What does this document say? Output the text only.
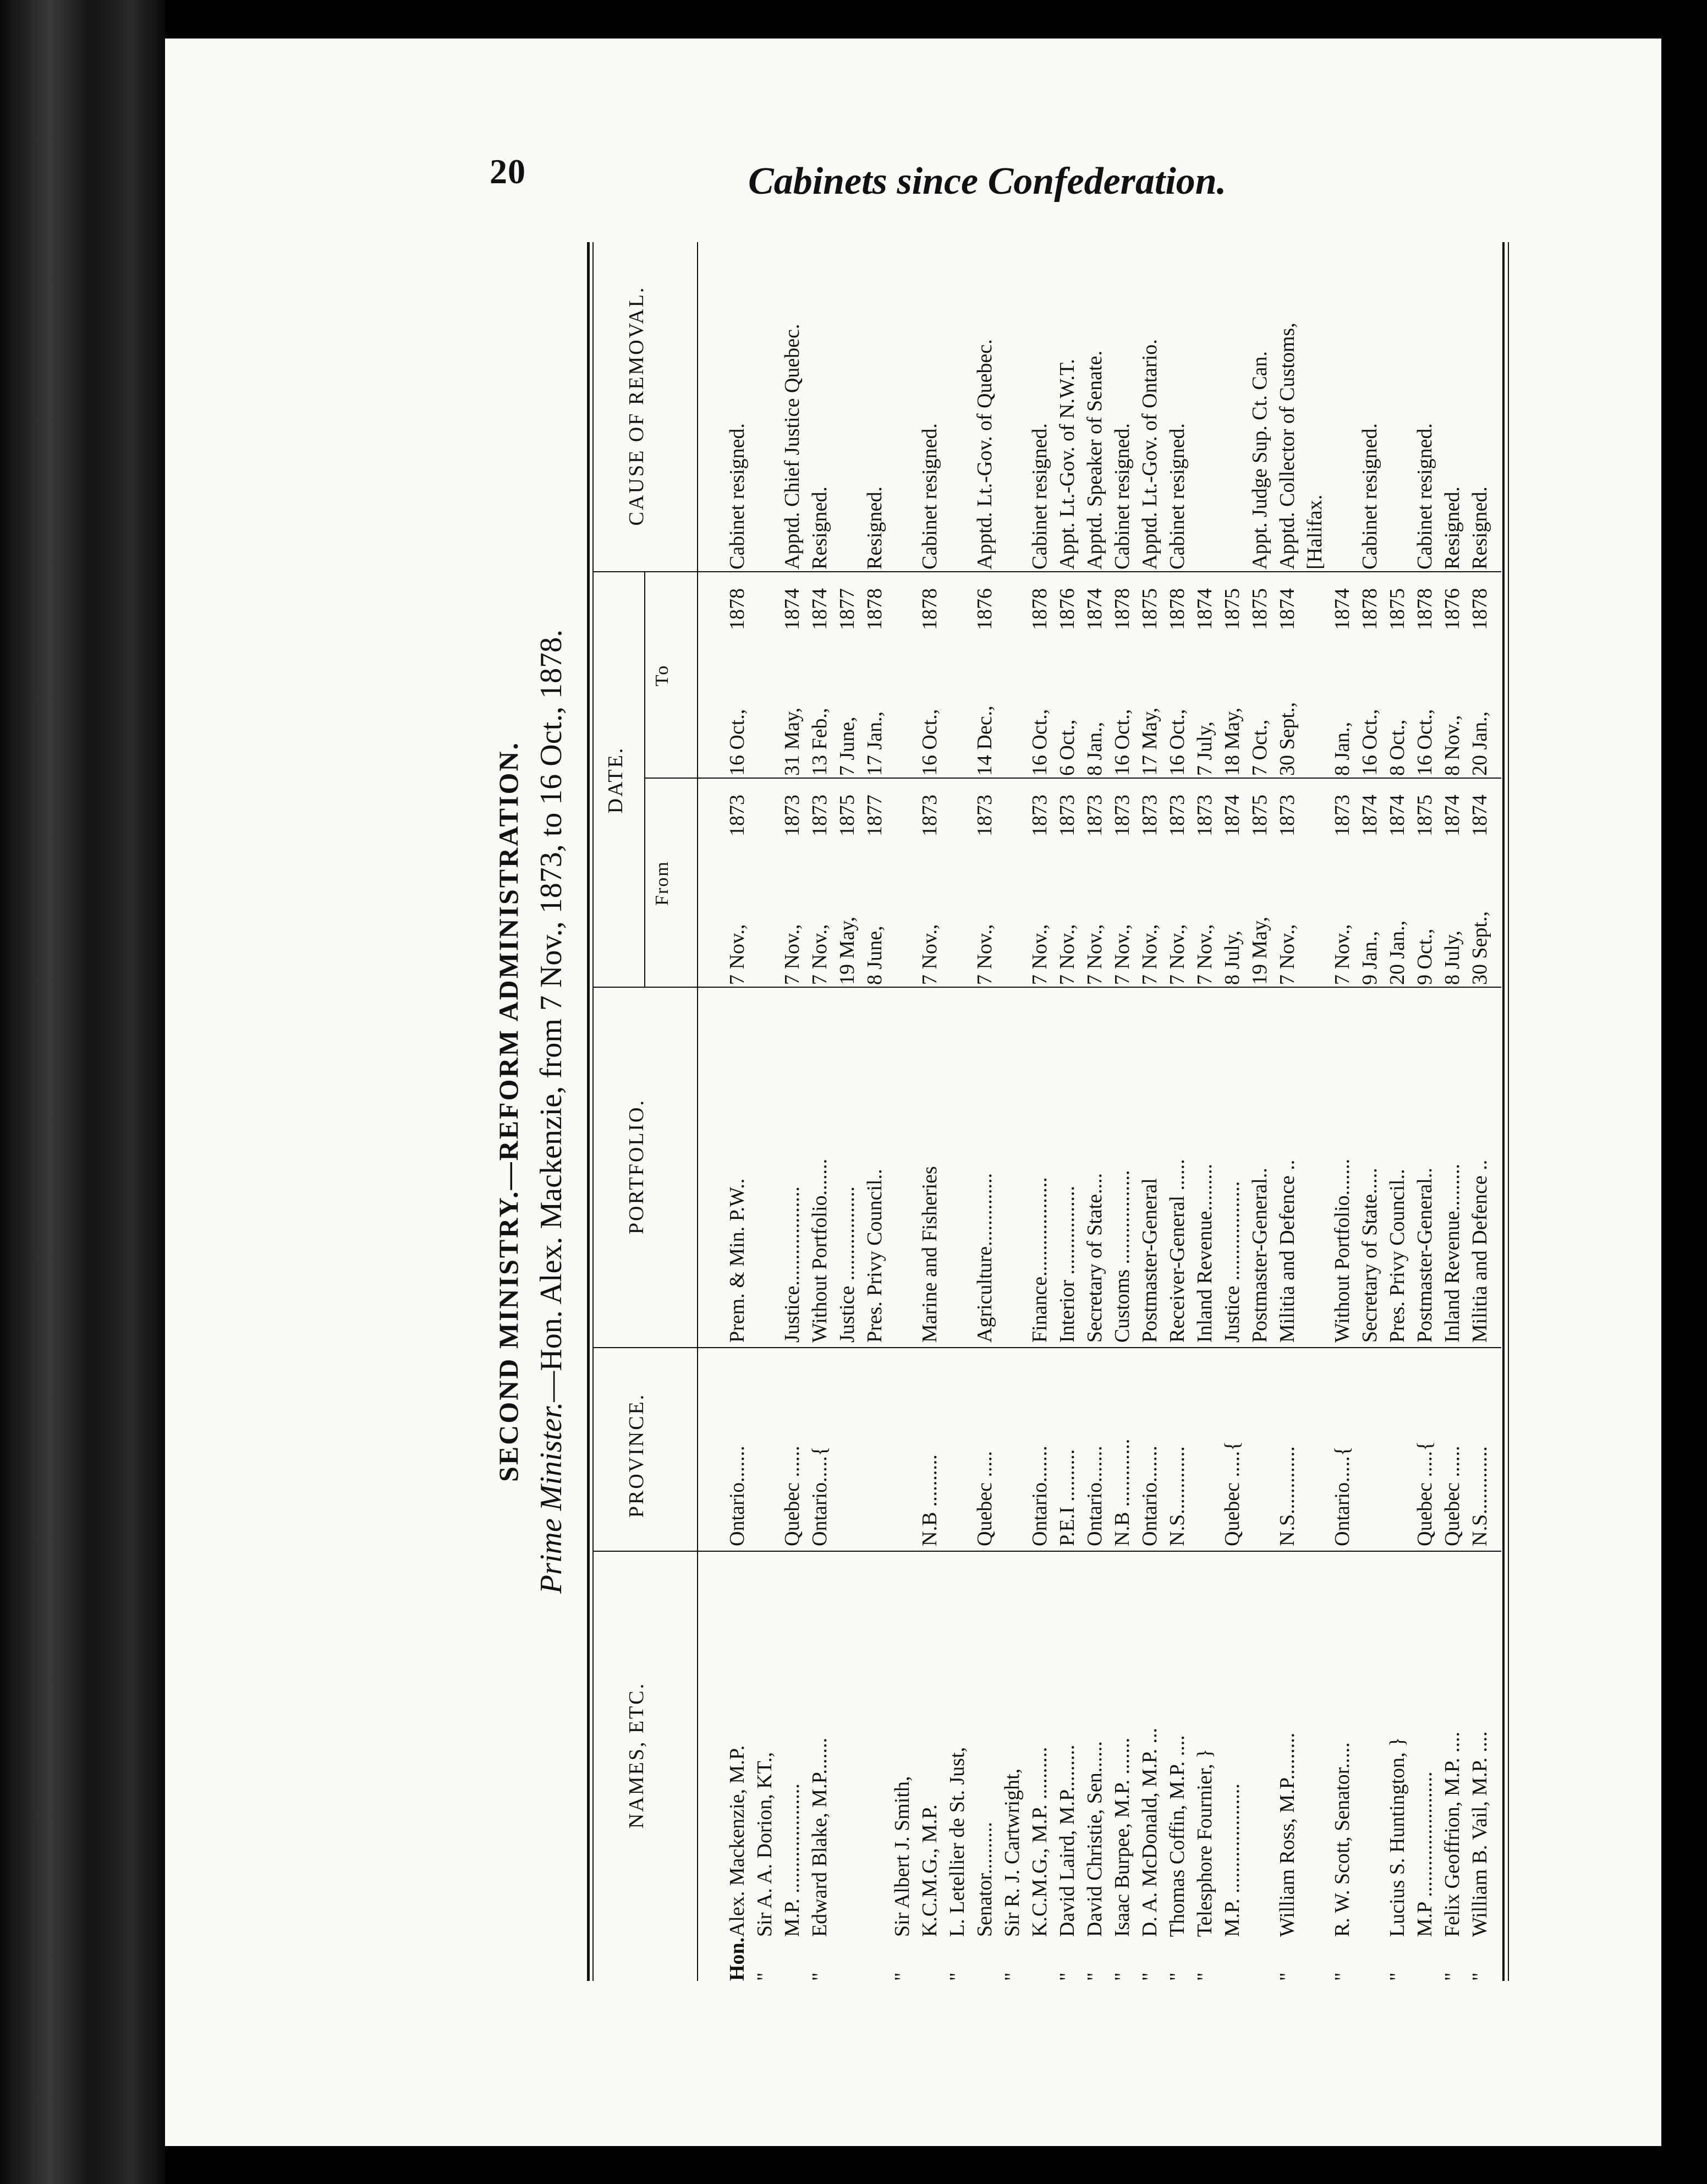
20	Cabinets since Confederation.
SECOND MINISTRY.—REFORM ADMINISTRATION.
Prime Minister.—Hon. Alex. Mackenzie, from 7 Nov., 1873, to 16 Oct., 1878.
NAMES, ETC.
PROVINCE.
PORTFOLIO.
DATE.
From
To
CAUSE OF REMOVAL.
Hon.
Alex. Mackenzie, M.P.
Ontario.......
Prem. & Min. P.W..
7 Nov.,
1873
16 Oct.,
1878
Cabinet resigned.
"
Sir A. A. Dorion, KT., M.P. .....................
Quebec ......
Justice...................
7 Nov.,
1873
31 May,
1874
Apptd. Chief Justice Quebec.
"
Edward Blake, M.P.......
Ontario.....{
Without Portfolio.......
7 Nov.,
1873
13 Feb.,
1874
Resigned.
Justice ..................
19 May,
1875
7 June,
1877
Pres. Privy Council..
8 June,
1877
17 Jan.,
1878
Resigned.
"
Sir Albert J. Smith, K.C.M.G., M.P.
N.B ..........
Marine and Fisheries
7 Nov.,
1873
16 Oct.,
1878
Cabinet resigned.
"
L. Letellier de St. Just, Senator..........
Quebec .....
Agriculture..............
7 Nov.,
1873
14 Dec.,
1876
Apptd. Lt.-Gov. of Quebec.
"
Sir R. J. Cartwright, K.C.M.G., M.P. ..........
Ontario.......
Finance...................
7 Nov.,
1873
16 Oct.,
1878
Cabinet resigned.
"
David Laird, M.P.........
P.E.I ..........
Interior .................
7 Nov.,
1873
6 Oct.,
1876
Appt. Lt.-Gov. of N.W.T.
"
David Christie, Sen......
Ontario.......
Secretary of State....
7 Nov.,
1873
8 Jan.,
1874
Apptd. Speaker of Senate.
"
Isaac Burpee, M.P. .......
N.B .............
Customs ..................
7 Nov.,
1873
16 Oct.,
1878
Cabinet resigned.
"
D. A. McDonald, M.P. ...
Ontario.......
Postmaster-General
7 Nov.,
1873
17 May,
1875
Apptd. Lt.-Gov. of Ontario.
"
Thomas Coffin, M.P. ....
N.S.............
Receiver-General ......
7 Nov.,
1873
16 Oct.,
1878
Cabinet resigned.
"
Telesphore Fournier, }
Inland Revenue.........
7 Nov.,
1873
7 July,
1874
M.P. .....................
Quebec .....{
Justice ...................
8 July,
1874
18 May,
1875
Postmaster-General..
19 May,
1875
7 Oct.,
1875
Appt. Judge Sup. Ct. Can.
"
William Ross, M.P.........
N.S.............
Militia and Defence ..
7 Nov.,
1873
30 Sept.,
1874
Apptd. Collector of Customs, [Halifax.
"
R. W. Scott, Senator.....
Ontario.....{
Without Portfolio.......
7 Nov.,
1873
8 Jan.,
1874
Secretary of State.....
9 Jan.,
1874
16 Oct.,
1878
Cabinet resigned.
"
Lucius S. Huntington, }
Pres. Privy Council..
20 Jan.,
1874
8 Oct.,
1875
M.P ........................
Quebec .....{
Postmaster-General..
9 Oct.,
1875
16 Oct.,
1878
Cabinet resigned.
"
Felix Geoffrion, M.P. ....
Quebec ......
Inland Revenue.........
8 July,
1874
8 Nov.,
1876
Resigned.
"
William B. Vail, M.P. ....
N.S.............
Militia and Defence ..
30 Sept.,
1874
20 Jan.,
1878
Resigned.
